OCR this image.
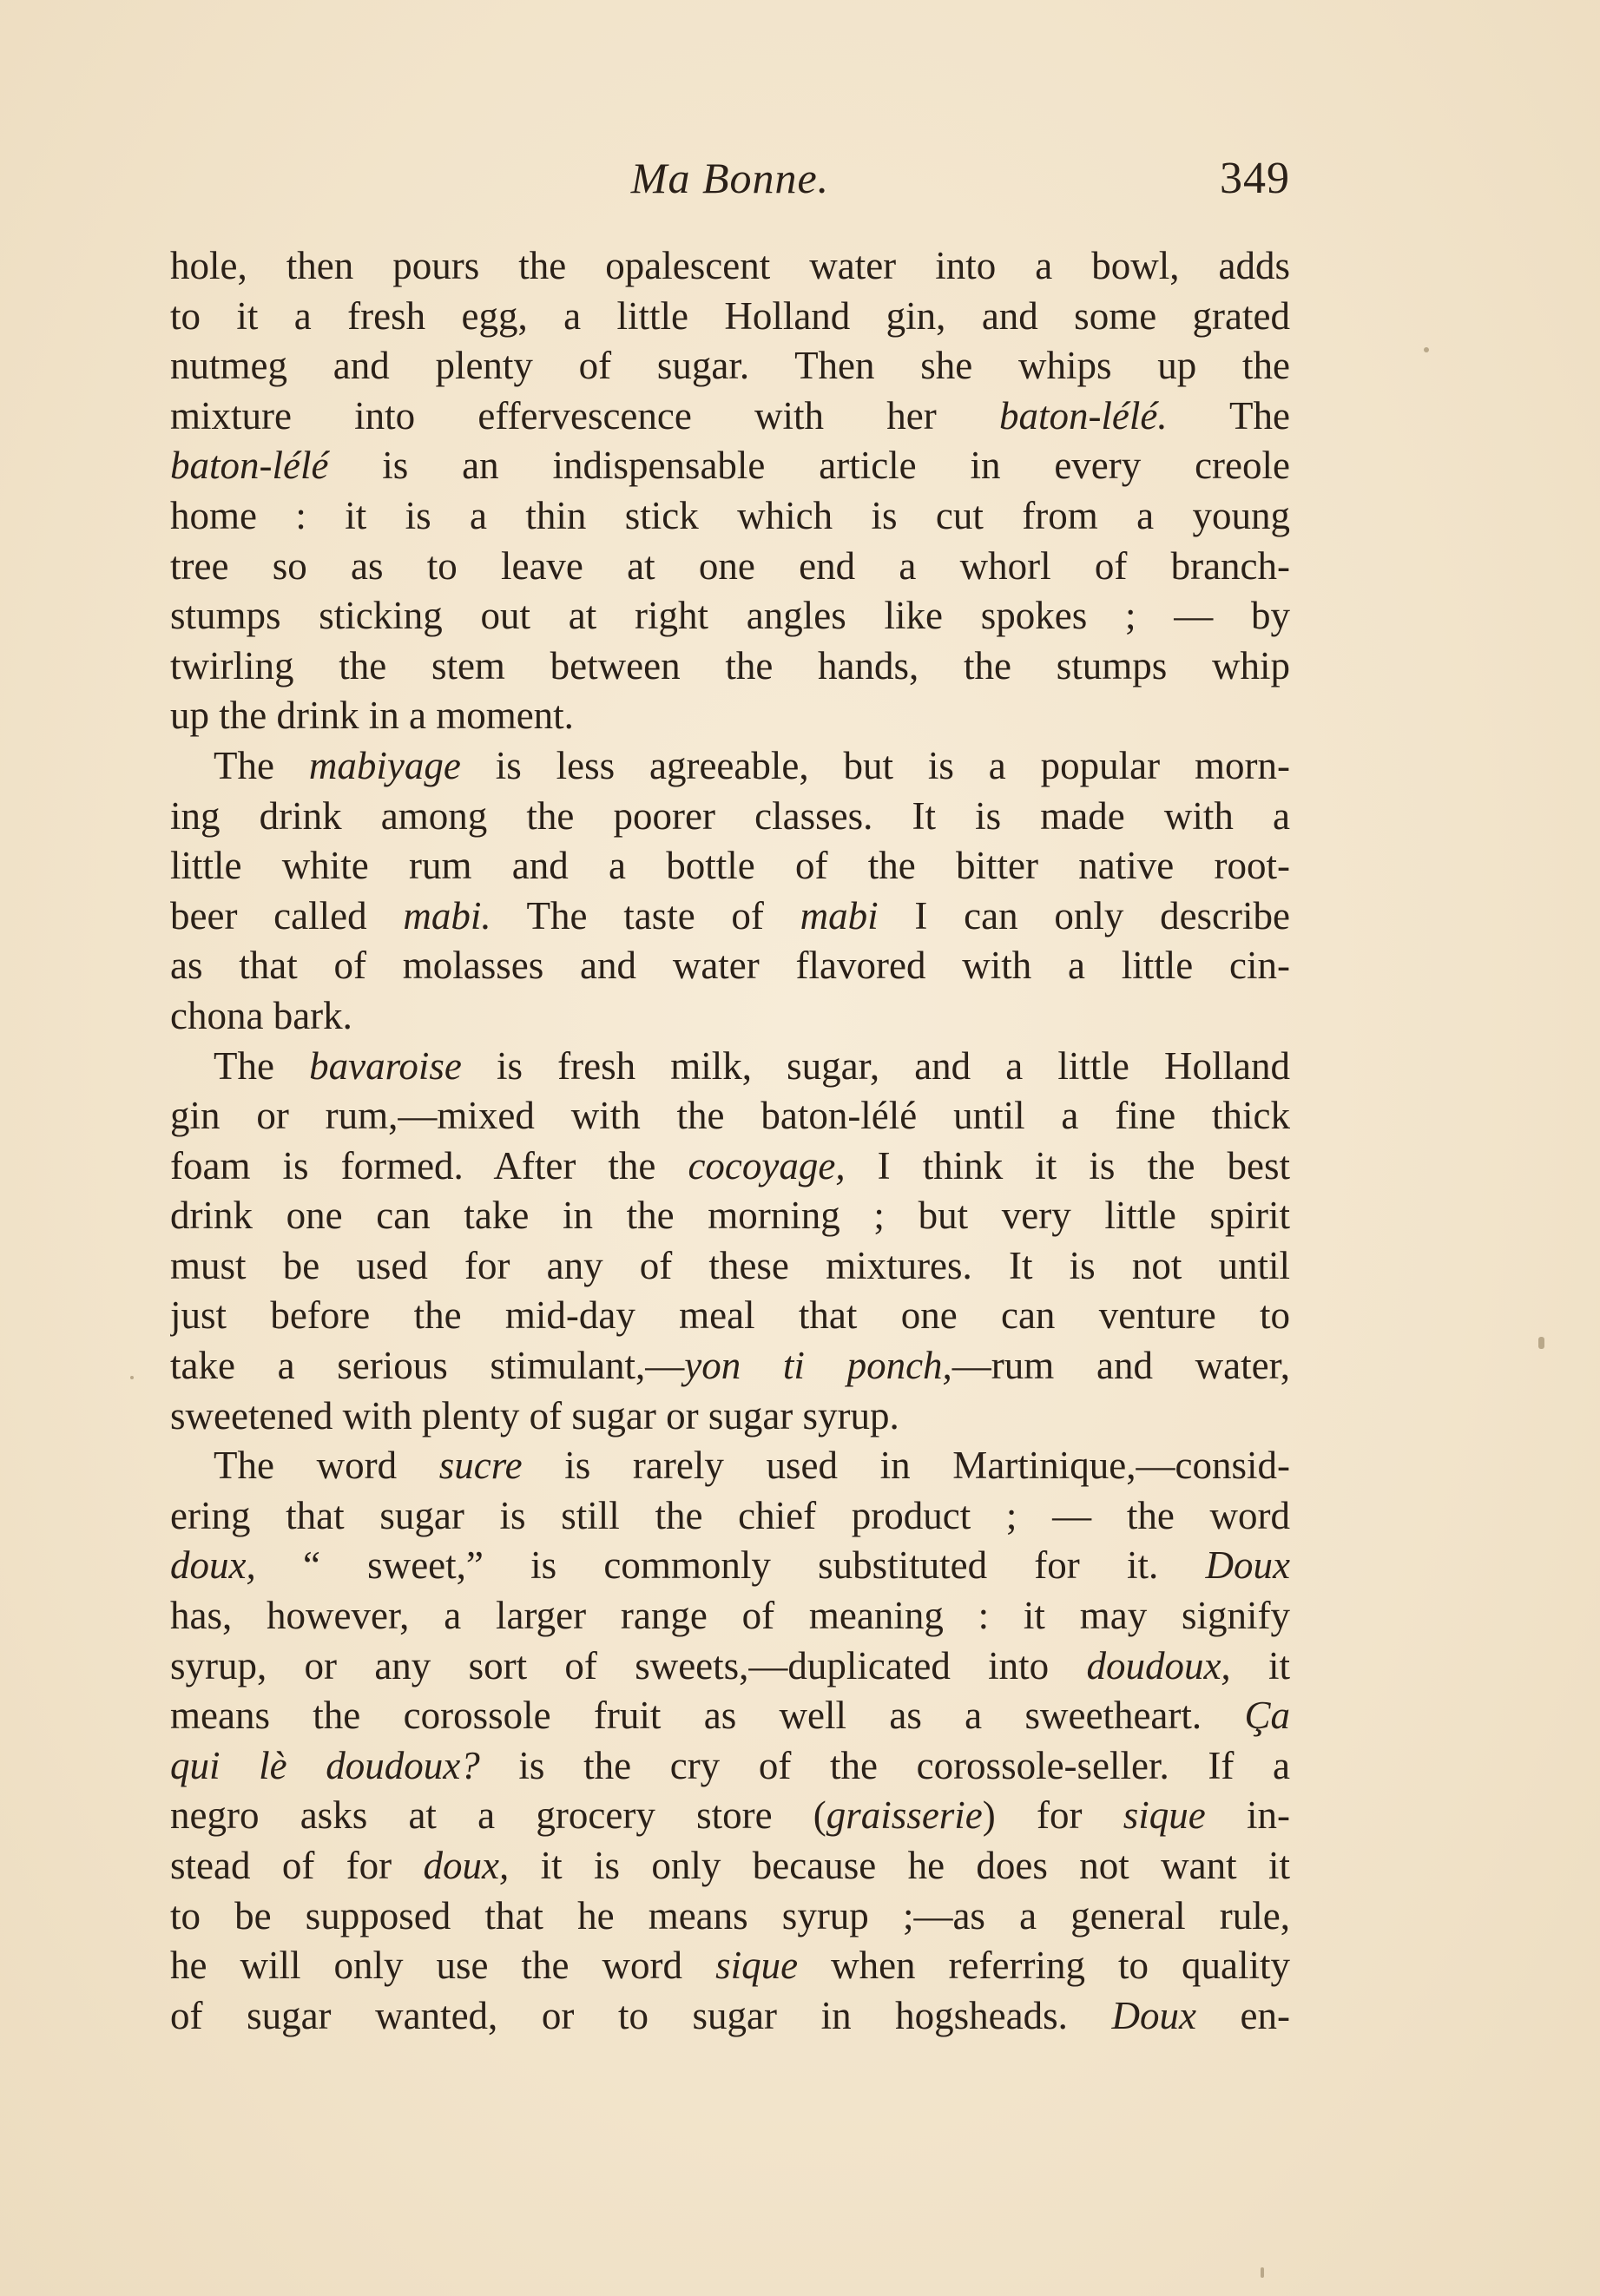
Ma Bonne.	349
hole, then pours the opalescent water into a bowl, adds
to it a fresh egg, a little Holland gin, and some grated
nutmeg and plenty of sugar. Then she whips up the
mixture into effervescence with her baton-lélé. The
baton-lélé is an indispensable article in every creole
home : it is a thin stick which is cut from a young
tree so as to leave at one end a whorl of branch-
stumps sticking out at right angles like spokes ; — by
twirling the stem between the hands, the stumps whip
up the drink in a moment.
The mabiyage is less agreeable, but is a popular morn-
ing drink among the poorer classes. It is made with a
little white rum and a bottle of the bitter native root-
beer called mabi. The taste of mabi I can only describe
as that of molasses and water flavored with a little cin-
chona bark.
The bavaroise is fresh milk, sugar, and a little Holland
gin or rum,—mixed with the baton-lélé until a fine thick
foam is formed. After the cocoyage, I think it is the best
drink one can take in the morning ; but very little spirit
must be used for any of these mixtures. It is not until
just before the mid-day meal that one can venture to
take a serious stimulant,—yon ti ponch,—rum and water,
sweetened with plenty of sugar or sugar syrup.
The word sucre is rarely used in Martinique,—consid-
ering that sugar is still the chief product ; — the word
doux, “ sweet,” is commonly substituted for it. Doux
has, however, a larger range of meaning : it may signify
syrup, or any sort of sweets,—duplicated into doudoux, it
means the corossole fruit as well as a sweetheart. Ça
qui lè doudoux? is the cry of the corossole-seller. If a
negro asks at a grocery store (graisserie) for sique in-
stead of for doux, it is only because he does not want it
to be supposed that he means syrup ;—as a general rule,
he will only use the word sique when referring to quality
of sugar wanted, or to sugar in hogsheads. Doux en-
